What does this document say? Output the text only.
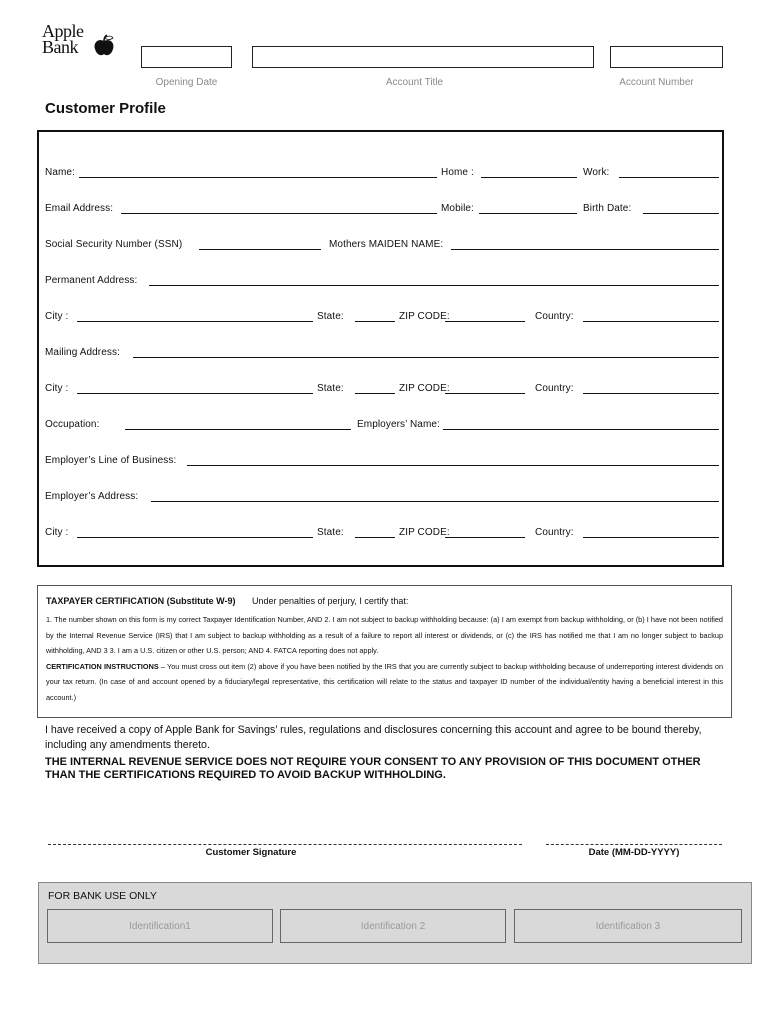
Apple
Bank
Opening Date	Account Title	Account Number
Customer Profile
Name:	Home :	Work:
Email Address:	Mobile:	Birth Date:
Social Security Number (SSN)	Mothers MAIDEN NAME:
Permanent Address:
City :	State:	ZIP CODE:	Country:
Mailing Address:
City :	State:	ZIP CODE:	Country:
Occupation:	Employers’ Name:
Employer’s Line of Business:
Employer’s Address:
City :	State:	ZIP CODE:	Country:
TAXPAYER CERTIFICATION (Substitute W-9) Under penalties of perjury, I certify that:
1. The number shown on this form is my correct Taxpayer Identification Number, AND 2. I am not subject to backup withholding because: (a) I am exempt from backup withholding, or (b) I have not been notified by the Internal Revenue Service (IRS) that I am subject to backup withholding as a result of a failure to report all interest or dividends, or (c) the IRS has notified me that I am no longer subject to backup withholding, AND 3 3. I am a U.S. citizen or other U.S. person; AND 4. FATCA reporting does not apply.
CERTIFICATION INSTRUCTIONS – You must cross out item (2) above if you have been notified by the IRS that you are currently subject to backup withholding because of underreporting interest dividends on your tax return. (In case of and account opened by a fiduciary/legal representative, this certification will relate to the status and taxpayer ID number of the individual/entity having a beneficial interest in this account.)
I have received a copy of Apple Bank for Savings’ rules, regulations and disclosures concerning this account and agree to be bound thereby, including any amendments thereto.
THE INTERNAL REVENUE SERVICE DOES NOT REQUIRE YOUR CONSENT TO ANY PROVISION OF THIS DOCUMENT OTHER THAN THE CERTIFICATIONS REQUIRED TO AVOID BACKUP WITHHOLDING.
Customer Signature	Date (MM-DD-YYYY)
FOR BANK USE ONLY
Identification1	Identification 2	Identification 3
